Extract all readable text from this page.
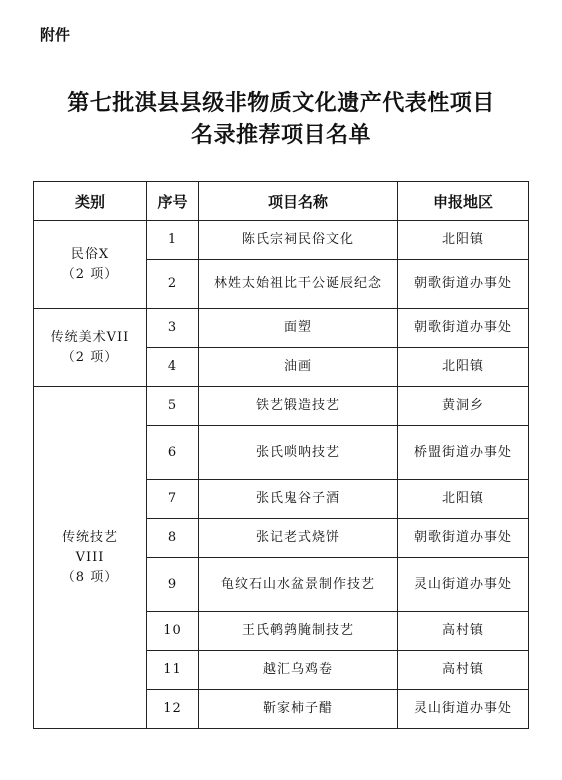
附件
第七批淇县县级非物质文化遗产代表性项目
名录推荐项目名单
类别	序号	项目名称	申报地区

民俗X
（2 项）	1	陈氏宗祠民俗文化	北阳镇
	2	林姓太始祖比干公诞辰纪念	朝歌街道办事处

传统美术VII
（2 项）	3	面塑	朝歌街道办事处
	4	油画	北阳镇

传统技艺
VIII
（8 项）	5	铁艺锻造技艺	黄洞乡
	6	张氏唢呐技艺	桥盟街道办事处
	7	张氏鬼谷子酒	北阳镇
	8	张记老式烧饼	朝歌街道办事处
	9	龟纹石山水盆景制作技艺	灵山街道办事处
	10	王氏鹌鹑腌制技艺	高村镇
	11	越汇乌鸡卷	高村镇
	12	靳家柿子醋	灵山街道办事处
